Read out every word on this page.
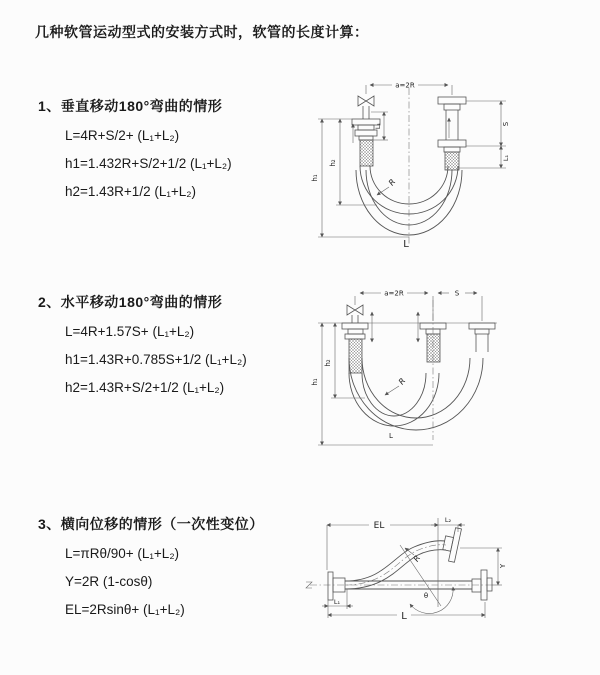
几种软管运动型式的安装方式时，软管的长度计算：
1、垂直移动180°弯曲的情形
L=4R+S/2+ (L₁+L₂)
h1=1.432R+S/2+1/2 (L₁+L₂)
h2=1.43R+1/2 (L₁+L₂)
2、水平移动180°弯曲的情形
L=4R+1.57S+ (L₁+L₂)
h1=1.43R+0.785S+1/2 (L₁+L₂)
h2=1.43R+S/2+1/2 (L₁+L₂)
3、横向位移的情形（一次性变位）
L=πRθ/90+ (L₁+L₂)
Y=2R (1-cosθ)
EL=2Rsinθ+ (L₁+L₂)
a=2R
h₁
h₂
L₁	S
L₁
R
L
a=2R	S
h₁
h₂
R
L
EL
L₂
Y
L
L₁
R
θ
